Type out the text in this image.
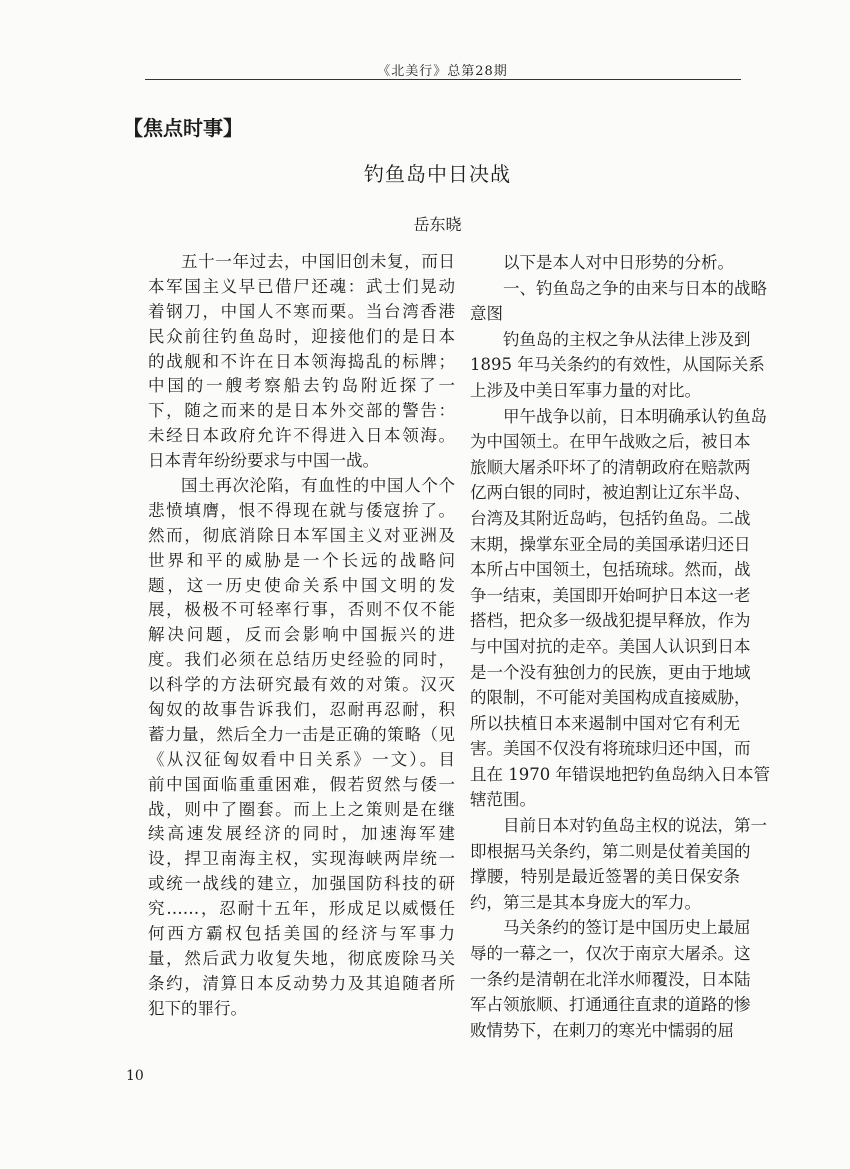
《北美行》总第28期
【焦点时事】
钓鱼岛中日决战
岳东晓
五十一年过去，中国旧创未复，而日
本军国主义早已借尸还魂：武士们晃动
着钢刀，中国人不寒而栗。当台湾香港
民众前往钓鱼岛时，迎接他们的是日本
的战舰和不许在日本领海捣乱的标牌；
中国的一艘考察船去钓岛附近探了一
下，随之而来的是日本外交部的警告：
未经日本政府允许不得进入日本领海。
日本青年纷纷要求与中国一战。
国土再次沦陷，有血性的中国人个个
悲愤填膺，恨不得现在就与倭寇拚了。
然而，彻底消除日本军国主义对亚洲及
世界和平的威胁是一个长远的战略问
题，这一历史使命关系中国文明的发
展，极极不可轻率行事，否则不仅不能
解决问题，反而会影响中国振兴的进
度。我们必须在总结历史经验的同时，
以科学的方法研究最有效的对策。汉灭
匈奴的故事告诉我们，忍耐再忍耐，积
蓄力量，然后全力一击是正确的策略（见
《从汉征匈奴看中日关系》一文）。目
前中国面临重重困难，假若贸然与倭一
战，则中了圈套。而上上之策则是在继
续高速发展经济的同时，加速海军建
设，捍卫南海主权，实现海峡两岸统一
或统一战线的建立，加强国防科技的研
究……，忍耐十五年，形成足以威慑任
何西方霸权包括美国的经济与军事力
量，然后武力收复失地，彻底废除马关
条约，清算日本反动势力及其追随者所
犯下的罪行。
以下是本人对中日形势的分析。
一、钓鱼岛之争的由来与日本的战略
意图
钓鱼岛的主权之争从法律上涉及到
1895 年马关条约的有效性，从国际关系
上涉及中美日军事力量的对比。
甲午战争以前，日本明确承认钓鱼岛
为中国领土。在甲午战败之后，被日本
旅顺大屠杀吓坏了的清朝政府在赔款两
亿两白银的同时，被迫割让辽东半岛、
台湾及其附近岛屿，包括钓鱼岛。二战
末期，操掌东亚全局的美国承诺归还日
本所占中国领土，包括琉球。然而，战
争一结束，美国即开始呵护日本这一老
搭档，把众多一级战犯提早释放，作为
与中国对抗的走卒。美国人认识到日本
是一个没有独创力的民族，更由于地域
的限制，不可能对美国构成直接威胁，
所以扶植日本来遏制中国对它有利无
害。美国不仅没有将琉球归还中国，而
且在 1970 年错误地把钓鱼岛纳入日本管
辖范围。
目前日本对钓鱼岛主权的说法，第一
即根据马关条约，第二则是仗着美国的
撑腰，特别是最近签署的美日保安条
约，第三是其本身庞大的军力。
马关条约的签订是中国历史上最屈
辱的一幕之一，仅次于南京大屠杀。这
一条约是清朝在北洋水师覆没，日本陆
军占领旅顺、打通通往直隶的道路的惨
败情势下，在刺刀的寒光中懦弱的屈
10
